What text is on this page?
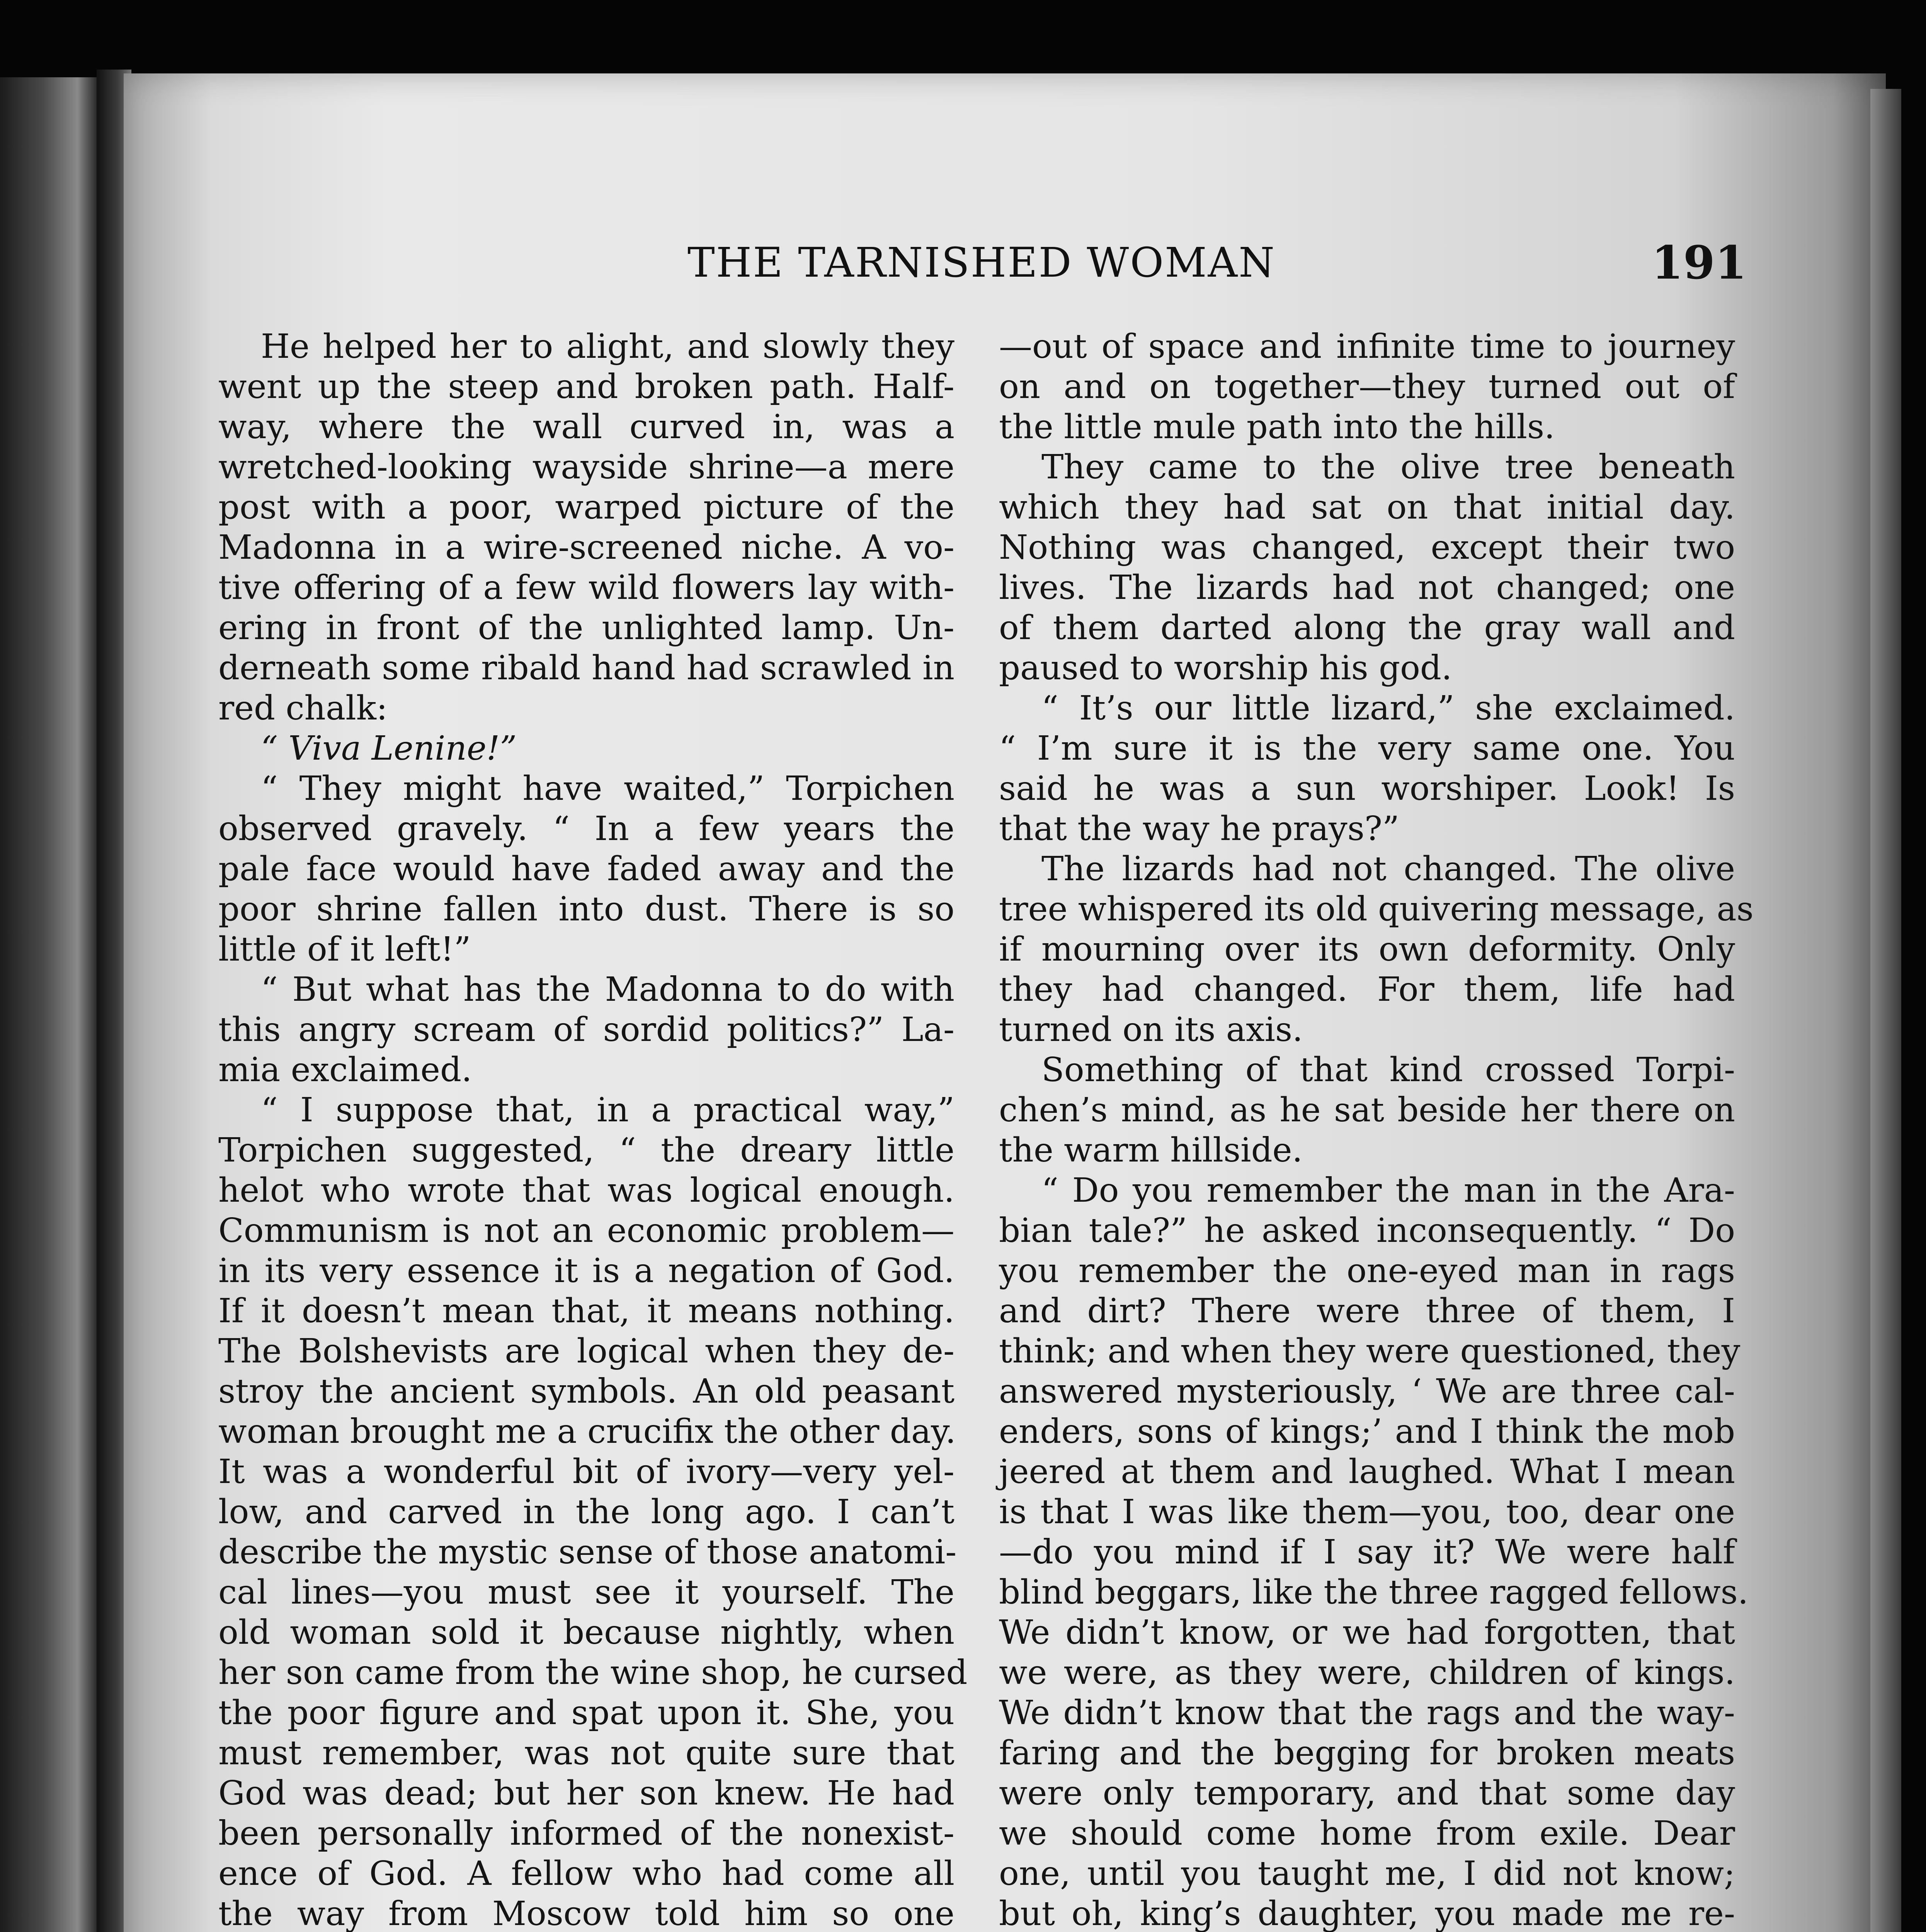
THE TARNISHED WOMAN	191
He helped her to alight, and slowly they
went up the steep and broken path. Half-
way, where the wall curved in, was a
wretched-looking wayside shrine—a mere
post with a poor, warped picture of the
Madonna in a wire-screened niche. A vo-
tive offering of a few wild flowers lay with-
ering in front of the unlighted lamp. Un-
derneath some ribald hand had scrawled in
red chalk:
“ Viva Lenine!”
“ They might have waited,” Torpichen
observed gravely. “ In a few years the
pale face would have faded away and the
poor shrine fallen into dust. There is so
little of it left!”
“ But what has the Madonna to do with
this angry scream of sordid politics?” La-
mia exclaimed.
“ I suppose that, in a practical way,”
Torpichen suggested, “ the dreary little
helot who wrote that was logical enough.
Communism is not an economic problem—
in its very essence it is a negation of God.
If it doesn’t mean that, it means nothing.
The Bolshevists are logical when they de-
stroy the ancient symbols. An old peasant
woman brought me a crucifix the other day.
It was a wonderful bit of ivory—very yel-
low, and carved in the long ago. I can’t
describe the mystic sense of those anatomi-
cal lines—you must see it yourself. The
old woman sold it because nightly, when
her son came from the wine shop, he cursed
the poor figure and spat upon it. She, you
must remember, was not quite sure that
God was dead; but her son knew. He had
been personally informed of the nonexist-
ence of God. A fellow who had come all
the way from Moscow told him so one
—out of space and infinite time to journey
on and on together—they turned out of
the little mule path into the hills.
They came to the olive tree beneath
which they had sat on that initial day.
Nothing was changed, except their two
lives. The lizards had not changed; one
of them darted along the gray wall and
paused to worship his god.
“ It’s our little lizard,” she exclaimed.
“ I’m sure it is the very same one. You
said he was a sun worshiper. Look! Is
that the way he prays?”
The lizards had not changed. The olive
tree whispered its old quivering message, as
if mourning over its own deformity. Only
they had changed. For them, life had
turned on its axis.
Something of that kind crossed Torpi-
chen’s mind, as he sat beside her there on
the warm hillside.
“ Do you remember the man in the Ara-
bian tale?” he asked inconsequently. “ Do
you remember the one-eyed man in rags
and dirt? There were three of them, I
think; and when they were questioned, they
answered mysteriously, ‘ We are three cal-
enders, sons of kings;’ and I think the mob
jeered at them and laughed. What I mean
is that I was like them—you, too, dear one
—do you mind if I say it? We were half
blind beggars, like the three ragged fellows.
We didn’t know, or we had forgotten, that
we were, as they were, children of kings.
We didn’t know that the rags and the way-
faring and the begging for broken meats
were only temporary, and that some day
we should come home from exile. Dear
one, until you taught me, I did not know;
but oh, king’s daughter, you made me re-
